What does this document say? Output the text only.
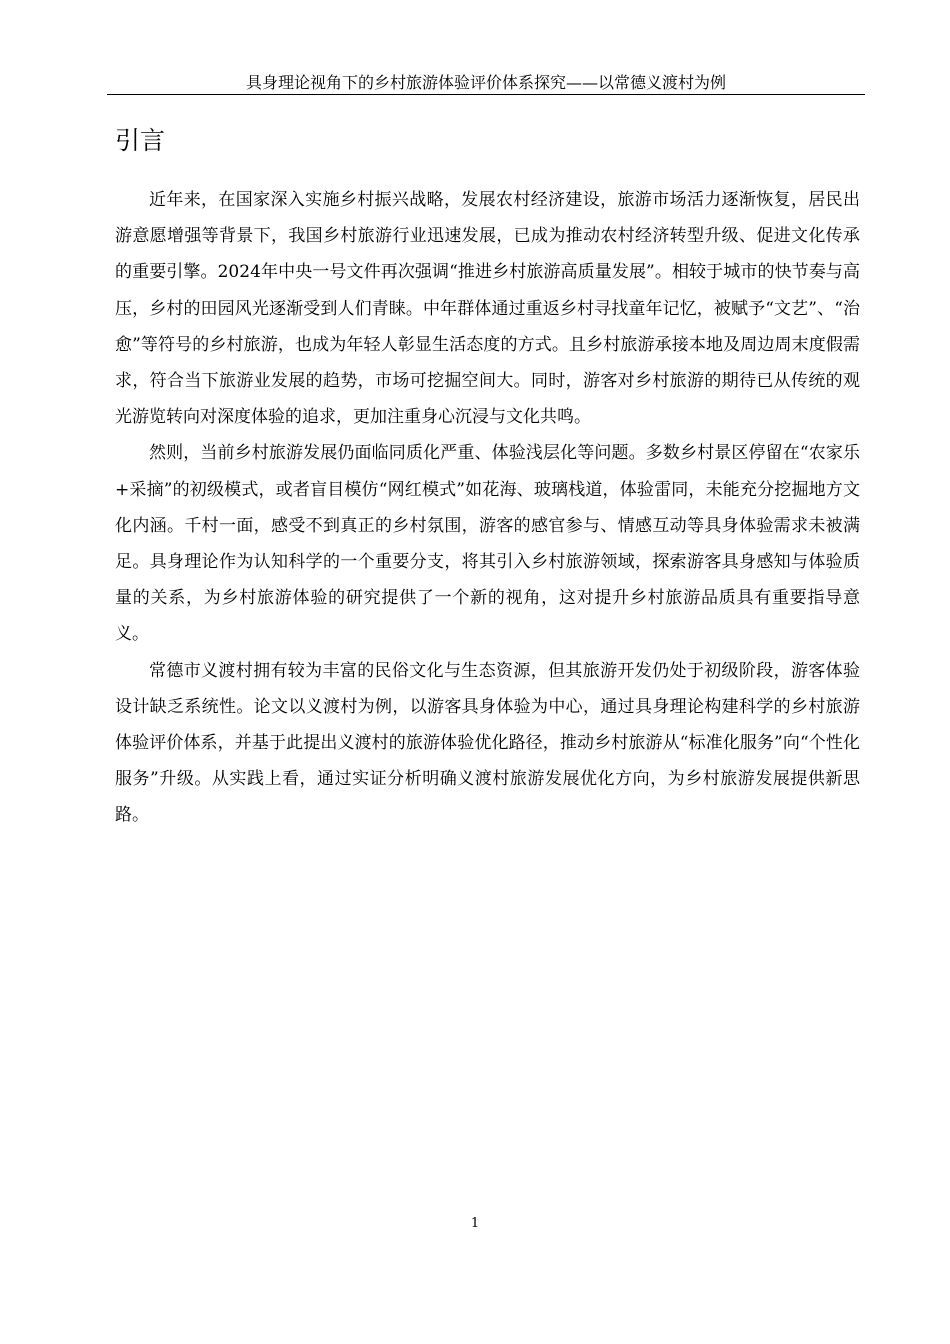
具身理论视角下的乡村旅游体验评价体系探究——以常德义渡村为例
引言

近年来，在国家深入实施乡村振兴战略，发展农村经济建设，旅游市场活力逐渐恢复，居民出游意愿增强等背景下，我国乡村旅游行业迅速发展，已成为推动农村经济转型升级、促进文化传承的重要引擎。2024年中央一号文件再次强调“推进乡村旅游高质量发展”。相较于城市的快节奏与高压，乡村的田园风光逐渐受到人们青睐。中年群体通过重返乡村寻找童年记忆，被赋予“文艺”、“治愈”等符号的乡村旅游，也成为年轻人彰显生活态度的方式。且乡村旅游承接本地及周边周末度假需求，符合当下旅游业发展的趋势，市场可挖掘空间大。同时，游客对乡村旅游的期待已从传统的观光游览转向对深度体验的追求，更加注重身心沉浸与文化共鸣。

然则，当前乡村旅游发展仍面临同质化严重、体验浅层化等问题。多数乡村景区停留在“农家乐+采摘”的初级模式，或者盲目模仿“网红模式”如花海、玻璃栈道，体验雷同，未能充分挖掘地方文化内涵。千村一面，感受不到真正的乡村氛围，游客的感官参与、情感互动等具身体验需求未被满足。具身理论作为认知科学的一个重要分支，将其引入乡村旅游领域，探索游客具身感知与体验质量的关系，为乡村旅游体验的研究提供了一个新的视角，这对提升乡村旅游品质具有重要指导意义。

常德市义渡村拥有较为丰富的民俗文化与生态资源，但其旅游开发仍处于初级阶段，游客体验设计缺乏系统性。论文以义渡村为例，以游客具身体验为中心，通过具身理论构建科学的乡村旅游体验评价体系，并基于此提出义渡村的旅游体验优化路径，推动乡村旅游从“标准化服务”向“个性化服务”升级。从实践上看，通过实证分析明确义渡村旅游发展优化方向，为乡村旅游发展提供新思路。

1
